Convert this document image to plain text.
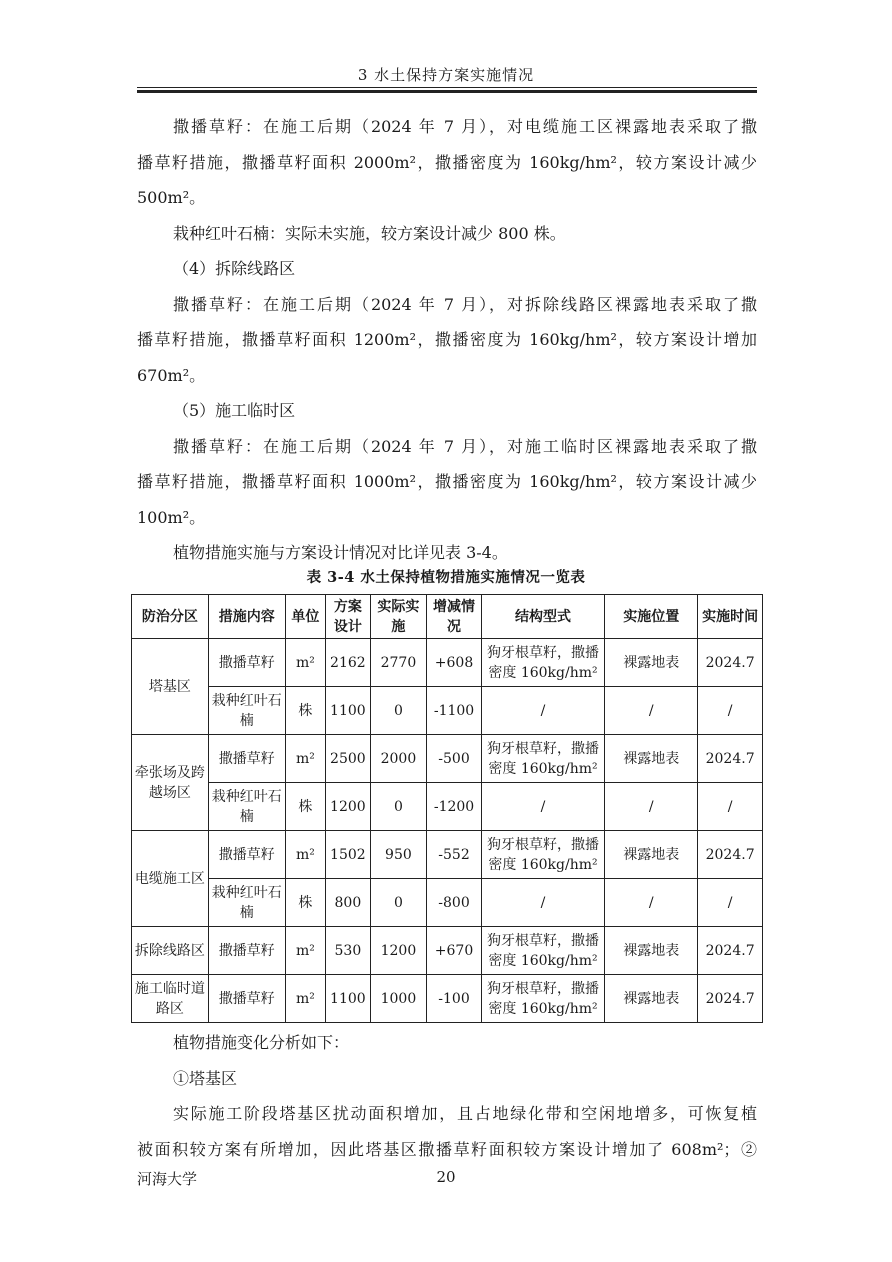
3 水土保持方案实施情况
撒播草籽：在施工后期（2024 年 7 月），对电缆施工区裸露地表采取了撒
播草籽措施，撒播草籽面积 2000m²，撒播密度为 160kg/hm²，较方案设计减少
500m²。
栽种红叶石楠：实际未实施，较方案设计减少 800 株。
（4）拆除线路区
撒播草籽：在施工后期（2024 年 7 月），对拆除线路区裸露地表采取了撒
播草籽措施，撒播草籽面积 1200m²，撒播密度为 160kg/hm²，较方案设计增加
670m²。
（5）施工临时区
撒播草籽：在施工后期（2024 年 7 月），对施工临时区裸露地表采取了撒
播草籽措施，撒播草籽面积 1000m²，撒播密度为 160kg/hm²，较方案设计减少
100m²。
植物措施实施与方案设计情况对比详见表 3-4。
表 3-4 水土保持植物措施实施情况一览表
防治分区	措施内容	单位	方案设计	实际实施	增减情况	结构型式	实施位置	实施时间
塔基区	撒播草籽	m²	2162	2770	+608	狗牙根草籽，撒播密度 160kg/hm²	裸露地表	2024.7
	栽种红叶石楠	株	1100	0	-1100	/	/	/
牵张场及跨越场区	撒播草籽	m²	2500	2000	-500	狗牙根草籽，撒播密度 160kg/hm²	裸露地表	2024.7
	栽种红叶石楠	株	1200	0	-1200	/	/	/
电缆施工区	撒播草籽	m²	1502	950	-552	狗牙根草籽，撒播密度 160kg/hm²	裸露地表	2024.7
	栽种红叶石楠	株	800	0	-800	/	/	/
拆除线路区	撒播草籽	m²	530	1200	+670	狗牙根草籽，撒播密度 160kg/hm²	裸露地表	2024.7
施工临时道路区	撒播草籽	m²	1100	1000	-100	狗牙根草籽，撒播密度 160kg/hm²	裸露地表	2024.7
植物措施变化分析如下：
①塔基区
实际施工阶段塔基区扰动面积增加，且占地绿化带和空闲地增多，可恢复植
被面积较方案有所增加，因此塔基区撒播草籽面积较方案设计增加了 608m²；②
河海大学	20
